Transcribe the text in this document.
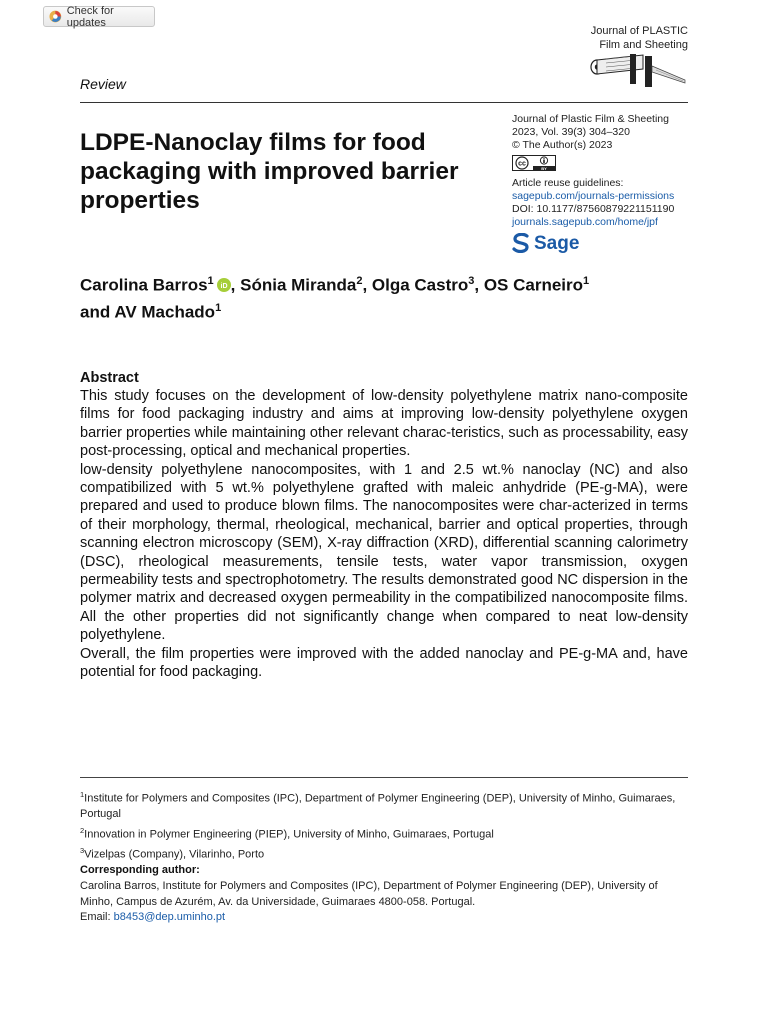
Check for updates
Journal of PLASTIC
Film and Sheeting
Review
LDPE-Nanoclay films for food packaging with improved barrier properties
Journal of Plastic Film & Sheeting
2023, Vol. 39(3) 304–320
© The Author(s) 2023
cc
BY
Article reuse guidelines:
sagepub.com/journals-permissions
DOI: 10.1177/87560879221151190
journals.sagepub.com/home/jpf
Sage
Carolina Barros$^1$ iD , Sónia Miranda$^2$, Olga Castro$^3$, OS Carneiro$^1$
and AV Machado$^1$
Abstract

This study focuses on the development of low-density polyethylene matrix nano-composite films for food packaging industry and aims at improving low-density polyethylene oxygen barrier properties while maintaining other relevant charac-teristics, such as processability, easy post-processing, optical and mechanical properties.

low-density polyethylene nanocomposites, with 1 and 2.5 wt.% nanoclay (NC) and also compatibilized with 5 wt.% polyethylene grafted with maleic anhydride (PE-g-MA), were prepared and used to produce blown films. The nanocomposites were char-acterized in terms of their morphology, thermal, rheological, mechanical, barrier and optical properties, through scanning electron microscopy (SEM), X-ray diffraction (XRD), differential scanning calorimetry (DSC), rheological measurements, tensile tests, water vapor transmission, oxygen permeability tests and spectrophotometry. The results demonstrated good NC dispersion in the polymer matrix and decreased oxygen permeability in the compatibilized nanocomposite films. All the other properties did not significantly change when compared to neat low-density polyethylene.

Overall, the film properties were improved with the added nanoclay and PE-g-MA and, have potential for food packaging.

$^1$Institute for Polymers and Composites (IPC), Department of Polymer Engineering (DEP), University of Minho, Guimaraes, Portugal

$^2$Innovation in Polymer Engineering (PIEP), University of Minho, Guimaraes, Portugal

$^3$Vizelpas (Company), Vilarinho, Porto

Corresponding author:
Carolina Barros, Institute for Polymers and Composites (IPC), Department of Polymer Engineering (DEP), University of Minho, Campus de Azurém, Av. da Universidade, Guimaraes 4800-058. Portugal.
Email: b8453@dep.uminho.pt
